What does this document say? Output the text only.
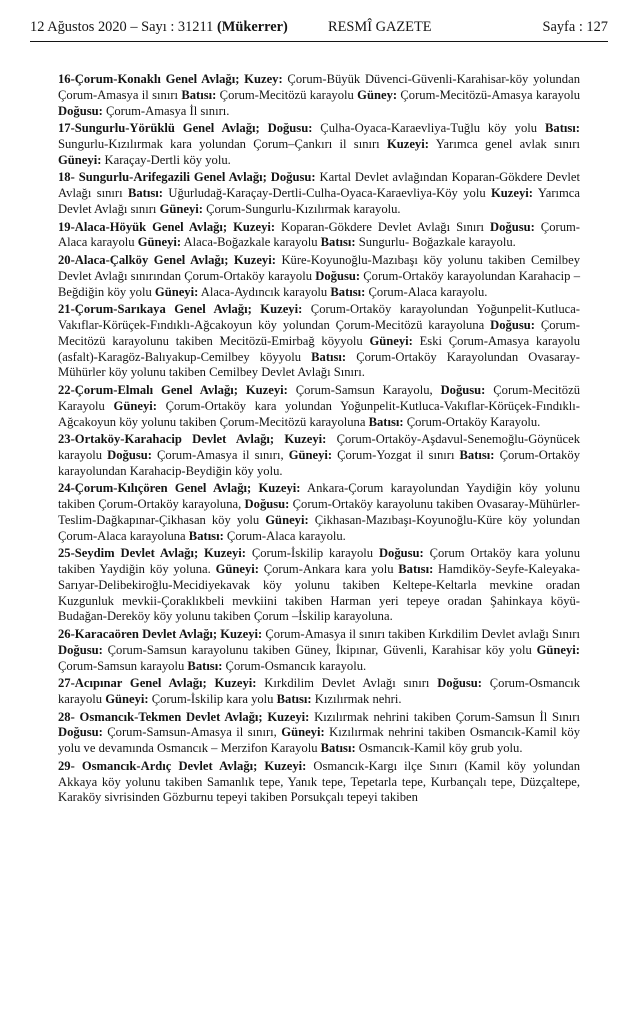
12 Ağustos 2020 – Sayı : 31211 (Mükerrer)	RESMÎ GAZETE	Sayfa : 127

16-Çorum-Konaklı Genel Avlağı; Kuzey: Çorum-Büyük Düvenci-Güvenli-Karahisar-köy yolundan Çorum-Amasya il sınırı Batısı: Çorum-Mecitözü karayolu Güney: Çorum-Mecitözü-Amasya karayolu Doğusu: Çorum-Amasya İl sınırı.

17-Sungurlu-Yörüklü Genel Avlağı; Doğusu: Çulha-Oyaca-Karaevliya-Tuğlu köy yolu Batısı: Sungurlu-Kızılırmak kara yolundan Çorum–Çankırı il sınırı Kuzeyi: Yarımca genel avlak sınırı Güneyi: Karaçay-Dertli köy yolu.

18- Sungurlu-Arifegazili Genel Avlağı; Doğusu: Kartal Devlet avlağından Koparan-Gökdere Devlet Avlağı sınırı Batısı: Uğurludağ-Karaçay-Dertli-Culha-Oyaca-Karaevliya-Köy yolu Kuzeyi: Yarımca Devlet Avlağı sınırı Güneyi: Çorum-Sungurlu-Kızılırmak karayolu.

19-Alaca-Höyük Genel Avlağı; Kuzeyi: Koparan-Gökdere Devlet Avlağı Sınırı Doğusu: Çorum-Alaca karayolu Güneyi: Alaca-Boğazkale karayolu Batısı: Sungurlu- Boğazkale karayolu.

20-Alaca-Çalköy Genel Avlağı; Kuzeyi: Küre-Koyunoğlu-Mazıbaşı köy yolunu takiben Cemilbey Devlet Avlağı sınırından Çorum-Ortaköy karayolu Doğusu: Çorum-Ortaköy karayolundan Karahacip –Beğdiğin köy yolu Güneyi: Alaca-Aydıncık karayolu Batısı: Çorum-Alaca karayolu.

21-Çorum-Sarıkaya Genel Avlağı; Kuzeyi: Çorum-Ortaköy karayolundan Yoğunpelit-Kutluca-Vakıflar-Körüçek-Fındıklı-Ağcakoyun köy yolundan Çorum-Mecitözü karayoluna Doğusu: Çorum-Mecitözü karayolunu takiben Mecitözü-Emirbağ köyyolu Güneyi: Eski Çorum-Amasya karayolu (asfalt)-Karagöz-Balıyakup-Cemilbey köyyolu Batısı: Çorum-Ortaköy Karayolundan Ovasaray-Mühürler köy yolunu takiben Cemilbey Devlet Avlağı Sınırı.

22-Çorum-Elmalı Genel Avlağı; Kuzeyi: Çorum-Samsun Karayolu, Doğusu: Çorum-Mecitözü Karayolu Güneyi: Çorum-Ortaköy kara yolundan Yoğunpelit-Kutluca-Vakıflar-Körüçek-Fındıklı-Ağcakoyun köy yolunu takiben Çorum-Mecitözü karayoluna Batısı: Çorum-Ortaköy Karayolu.

23-Ortaköy-Karahacip Devlet Avlağı; Kuzeyi: Çorum-Ortaköy-Aşdavul-Senemoğlu-Göynücek karayolu Doğusu: Çorum-Amasya il sınırı, Güneyi: Çorum-Yozgat il sınırı Batısı: Çorum-Ortaköy karayolundan Karahacip-Beydiğin köy yolu.

24-Çorum-Kılıçören Genel Avlağı; Kuzeyi: Ankara-Çorum karayolundan Yaydiğin köy yolunu takiben Çorum-Ortaköy karayoluna, Doğusu: Çorum-Ortaköy karayolunu takiben Ovasaray-Mühürler-Teslim-Dağkapınar-Çikhasan köy yolu Güneyi: Çikhasan-Mazıbaşı-Koyunoğlu-Küre köy yolundan Çorum-Alaca karayoluna Batısı: Çorum-Alaca karayolu.

25-Seydim Devlet Avlağı; Kuzeyi: Çorum-İskilip karayolu Doğusu: Çorum Ortaköy kara yolunu takiben Yaydiğin köy yoluna. Güneyi: Çorum-Ankara kara yolu Batısı: Hamdiköy-Seyfe-Kaleyaka-Sarıyar-Delibekiroğlu-Mecidiyekavak köy yolunu takiben Keltepe-Keltarla mevkine oradan Kuzgunluk mevkii-Çoraklıkbeli mevkiini takiben Harman yeri tepeye oradan Şahinkaya köyü-Budağan-Dereköy köy yolunu takiben Çorum –İskilip karayoluna.

26-Karacaören Devlet Avlağı; Kuzeyi: Çorum-Amasya il sınırı takiben Kırkdilim Devlet avlağı Sınırı Doğusu: Çorum-Samsun karayolunu takiben Güney, İkipınar, Güvenli, Karahisar köy yolu Güneyi: Çorum-Samsun karayolu Batısı: Çorum-Osmancık karayolu.

27-Acıpınar Genel Avlağı; Kuzeyi: Kırkdilim Devlet Avlağı sınırı Doğusu: Çorum-Osmancık karayolu Güneyi: Çorum-İskilip kara yolu Batısı: Kızılırmak nehri.

28- Osmancık-Tekmen Devlet Avlağı; Kuzeyi: Kızılırmak nehrini takiben Çorum-Samsun İl Sınırı Doğusu: Çorum-Samsun-Amasya il sınırı, Güneyi: Kızılırmak nehrini takiben Osmancık-Kamil köy yolu ve devamında Osmancık – Merzifon Karayolu Batısı: Osmancık-Kamil köy grub yolu.

29- Osmancık-Ardıç Devlet Avlağı; Kuzeyi: Osmancık-Kargı ilçe Sınırı (Kamil köy yolundan Akkaya köy yolunu takiben Samanlık tepe, Yanık tepe, Tepetarla tepe, Kurbançalı tepe, Düzçaltepe, Karaköy sivrisinden Gözburnu tepeyi takiben Porsukçalı tepeyi takiben
